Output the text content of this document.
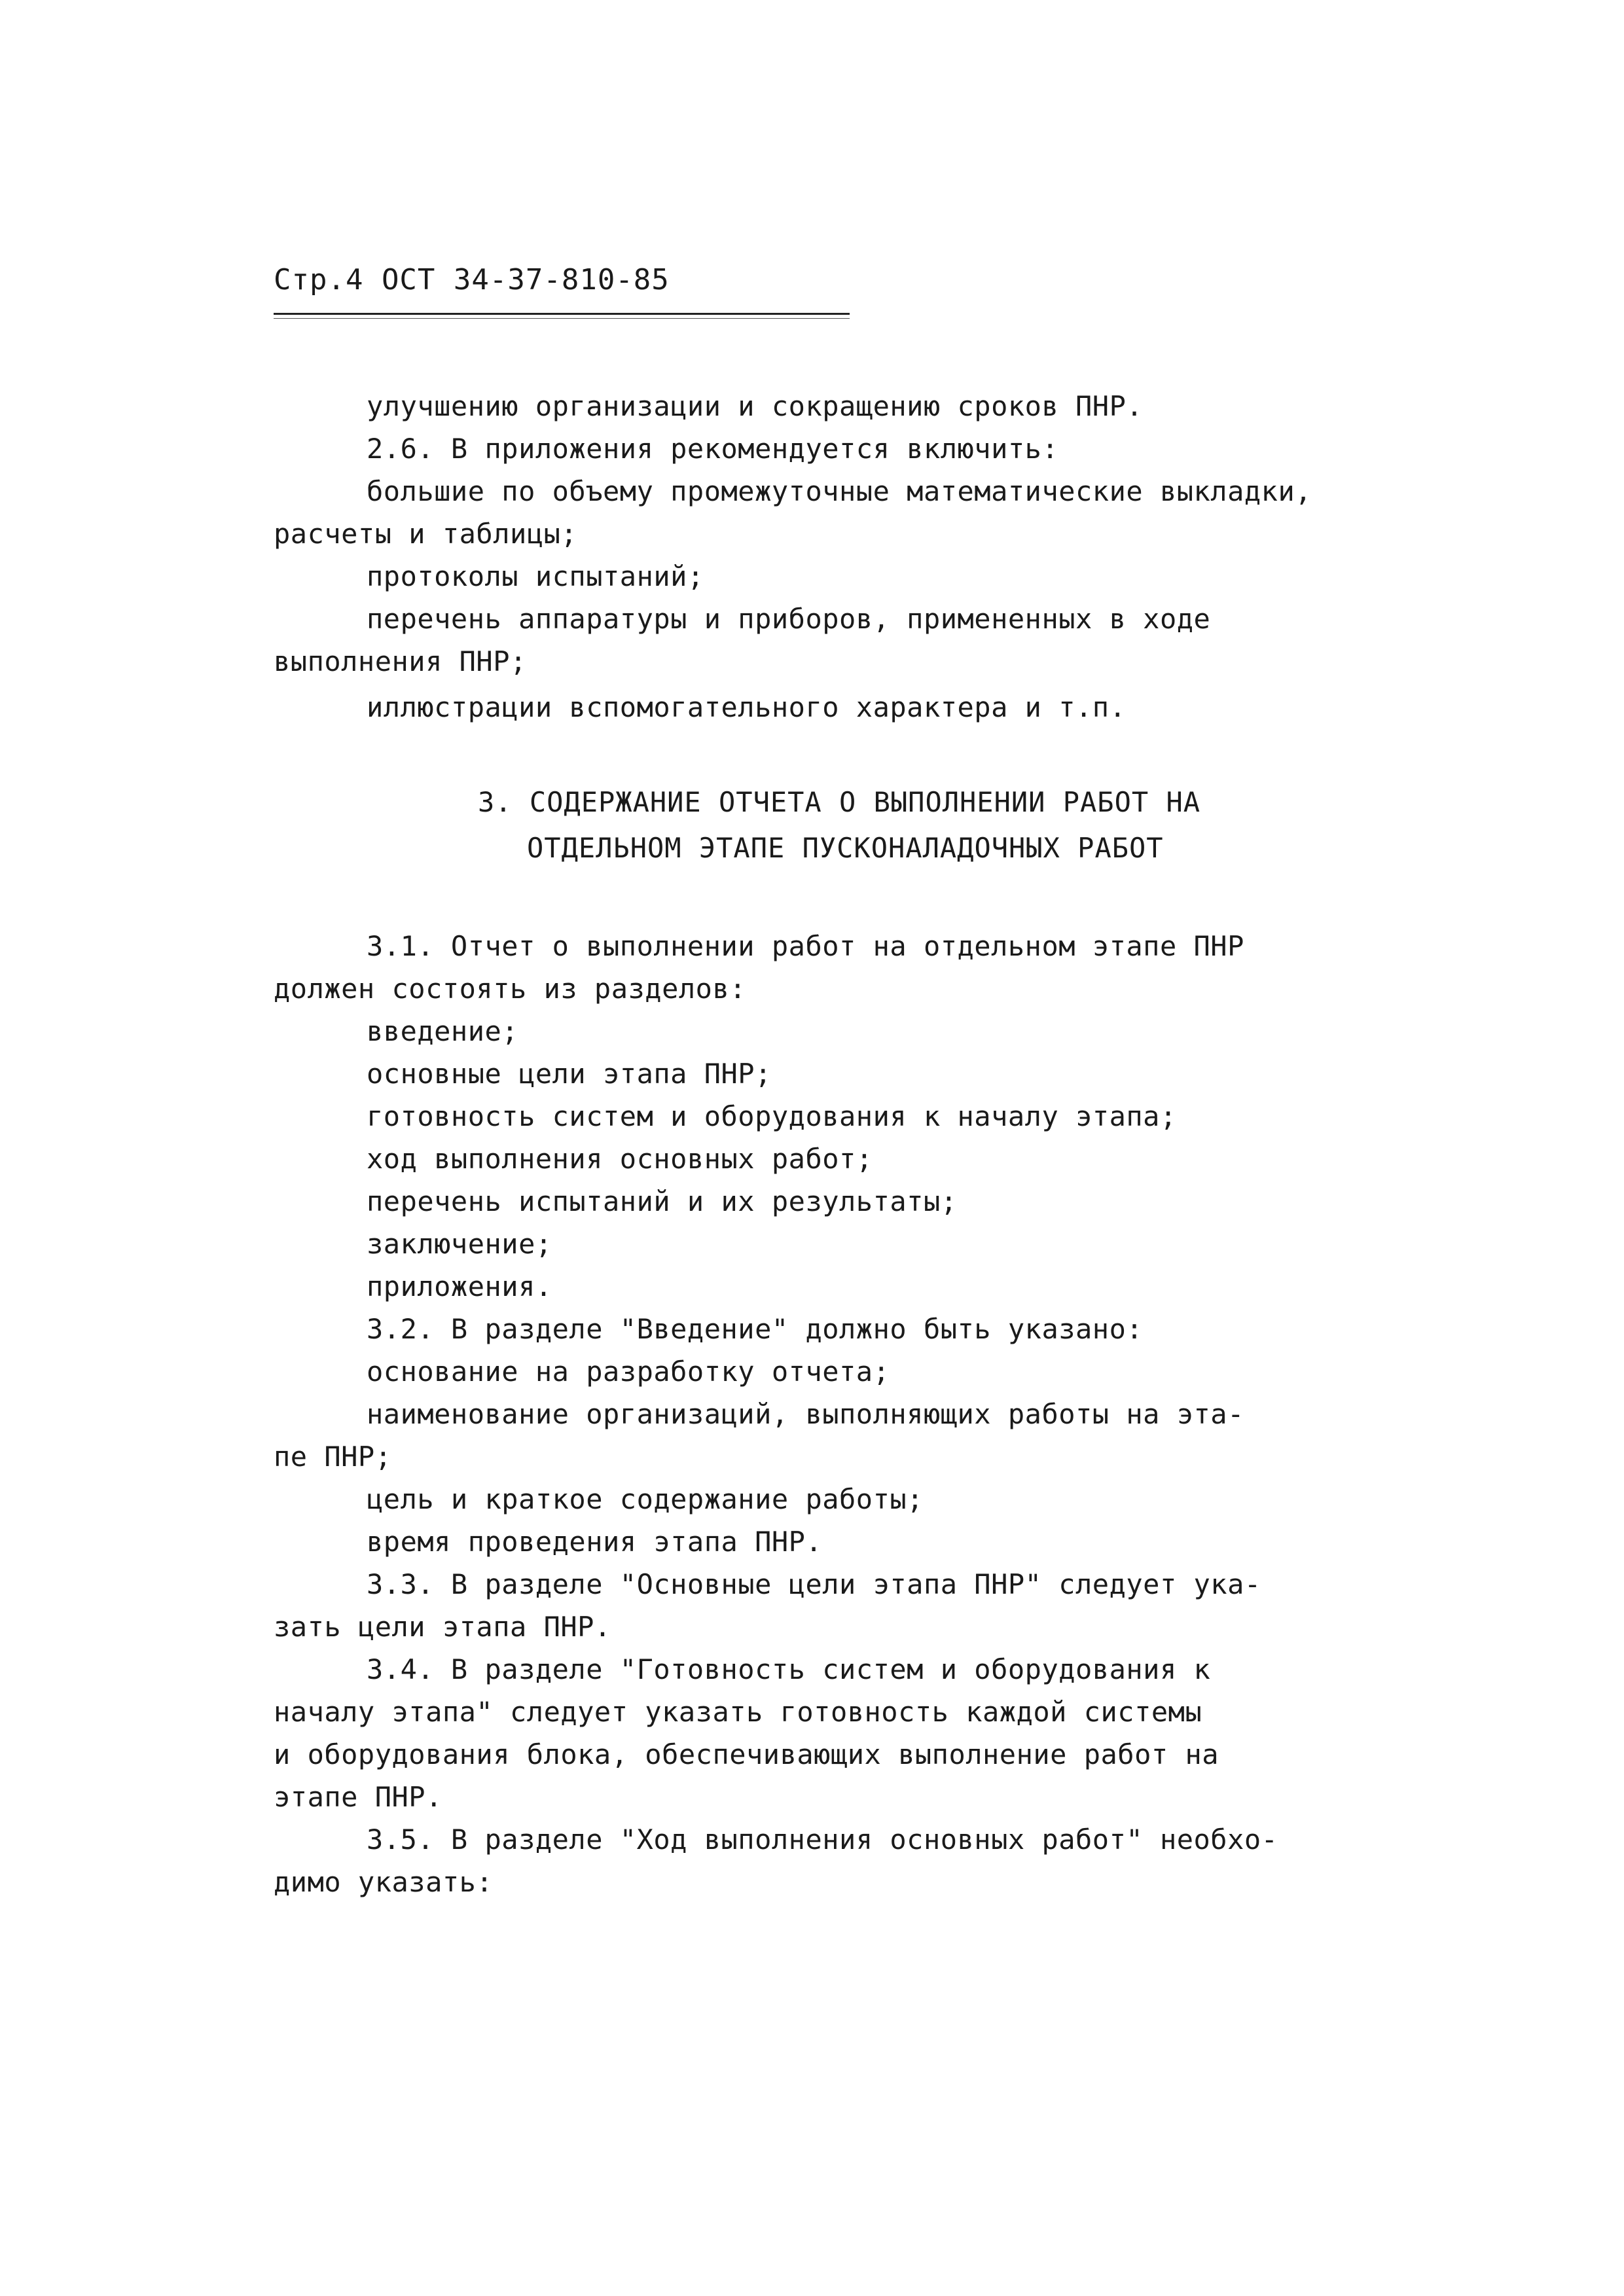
Стр.4 ОСТ 34-37-810-85
улучшению организации и сокращению сроков ПНР.
2.6. В приложения рекомендуется включить:
большие по объему промежуточные математические выкладки,
расчеты и таблицы;
протоколы испытаний;
перечень аппаратуры и приборов, примененных в ходе
выполнения ПНР;
иллюстрации вспомогательного характера и т.п.
3. СОДЕРЖАНИЕ ОТЧЕТА О ВЫПОЛНЕНИИ РАБОТ НА
ОТДЕЛЬНОМ ЭТАПЕ ПУСКОНАЛАДОЧНЫХ РАБОТ
3.1. Отчет о выполнении работ на отдельном этапе ПНР
должен состоять из разделов:
введение;
основные цели этапа ПНР;
готовность систем и оборудования к началу этапа;
ход выполнения основных работ;
перечень испытаний и их результаты;
заключение;
приложения.
3.2. В разделе "Введение" должно быть указано:
основание на разработку отчета;
наименование организаций, выполняющих работы на эта-
пе ПНР;
цель и краткое содержание работы;
время проведения этапа ПНР.
3.3. В разделе "Основные цели этапа ПНР" следует ука-
зать цели этапа ПНР.
3.4. В разделе "Готовность систем и оборудования к
началу этапа" следует указать готовность каждой системы
и оборудования блока, обеспечивающих выполнение работ на
этапе ПНР.
3.5. В разделе "Ход выполнения основных работ" необхо-
димо указать:
